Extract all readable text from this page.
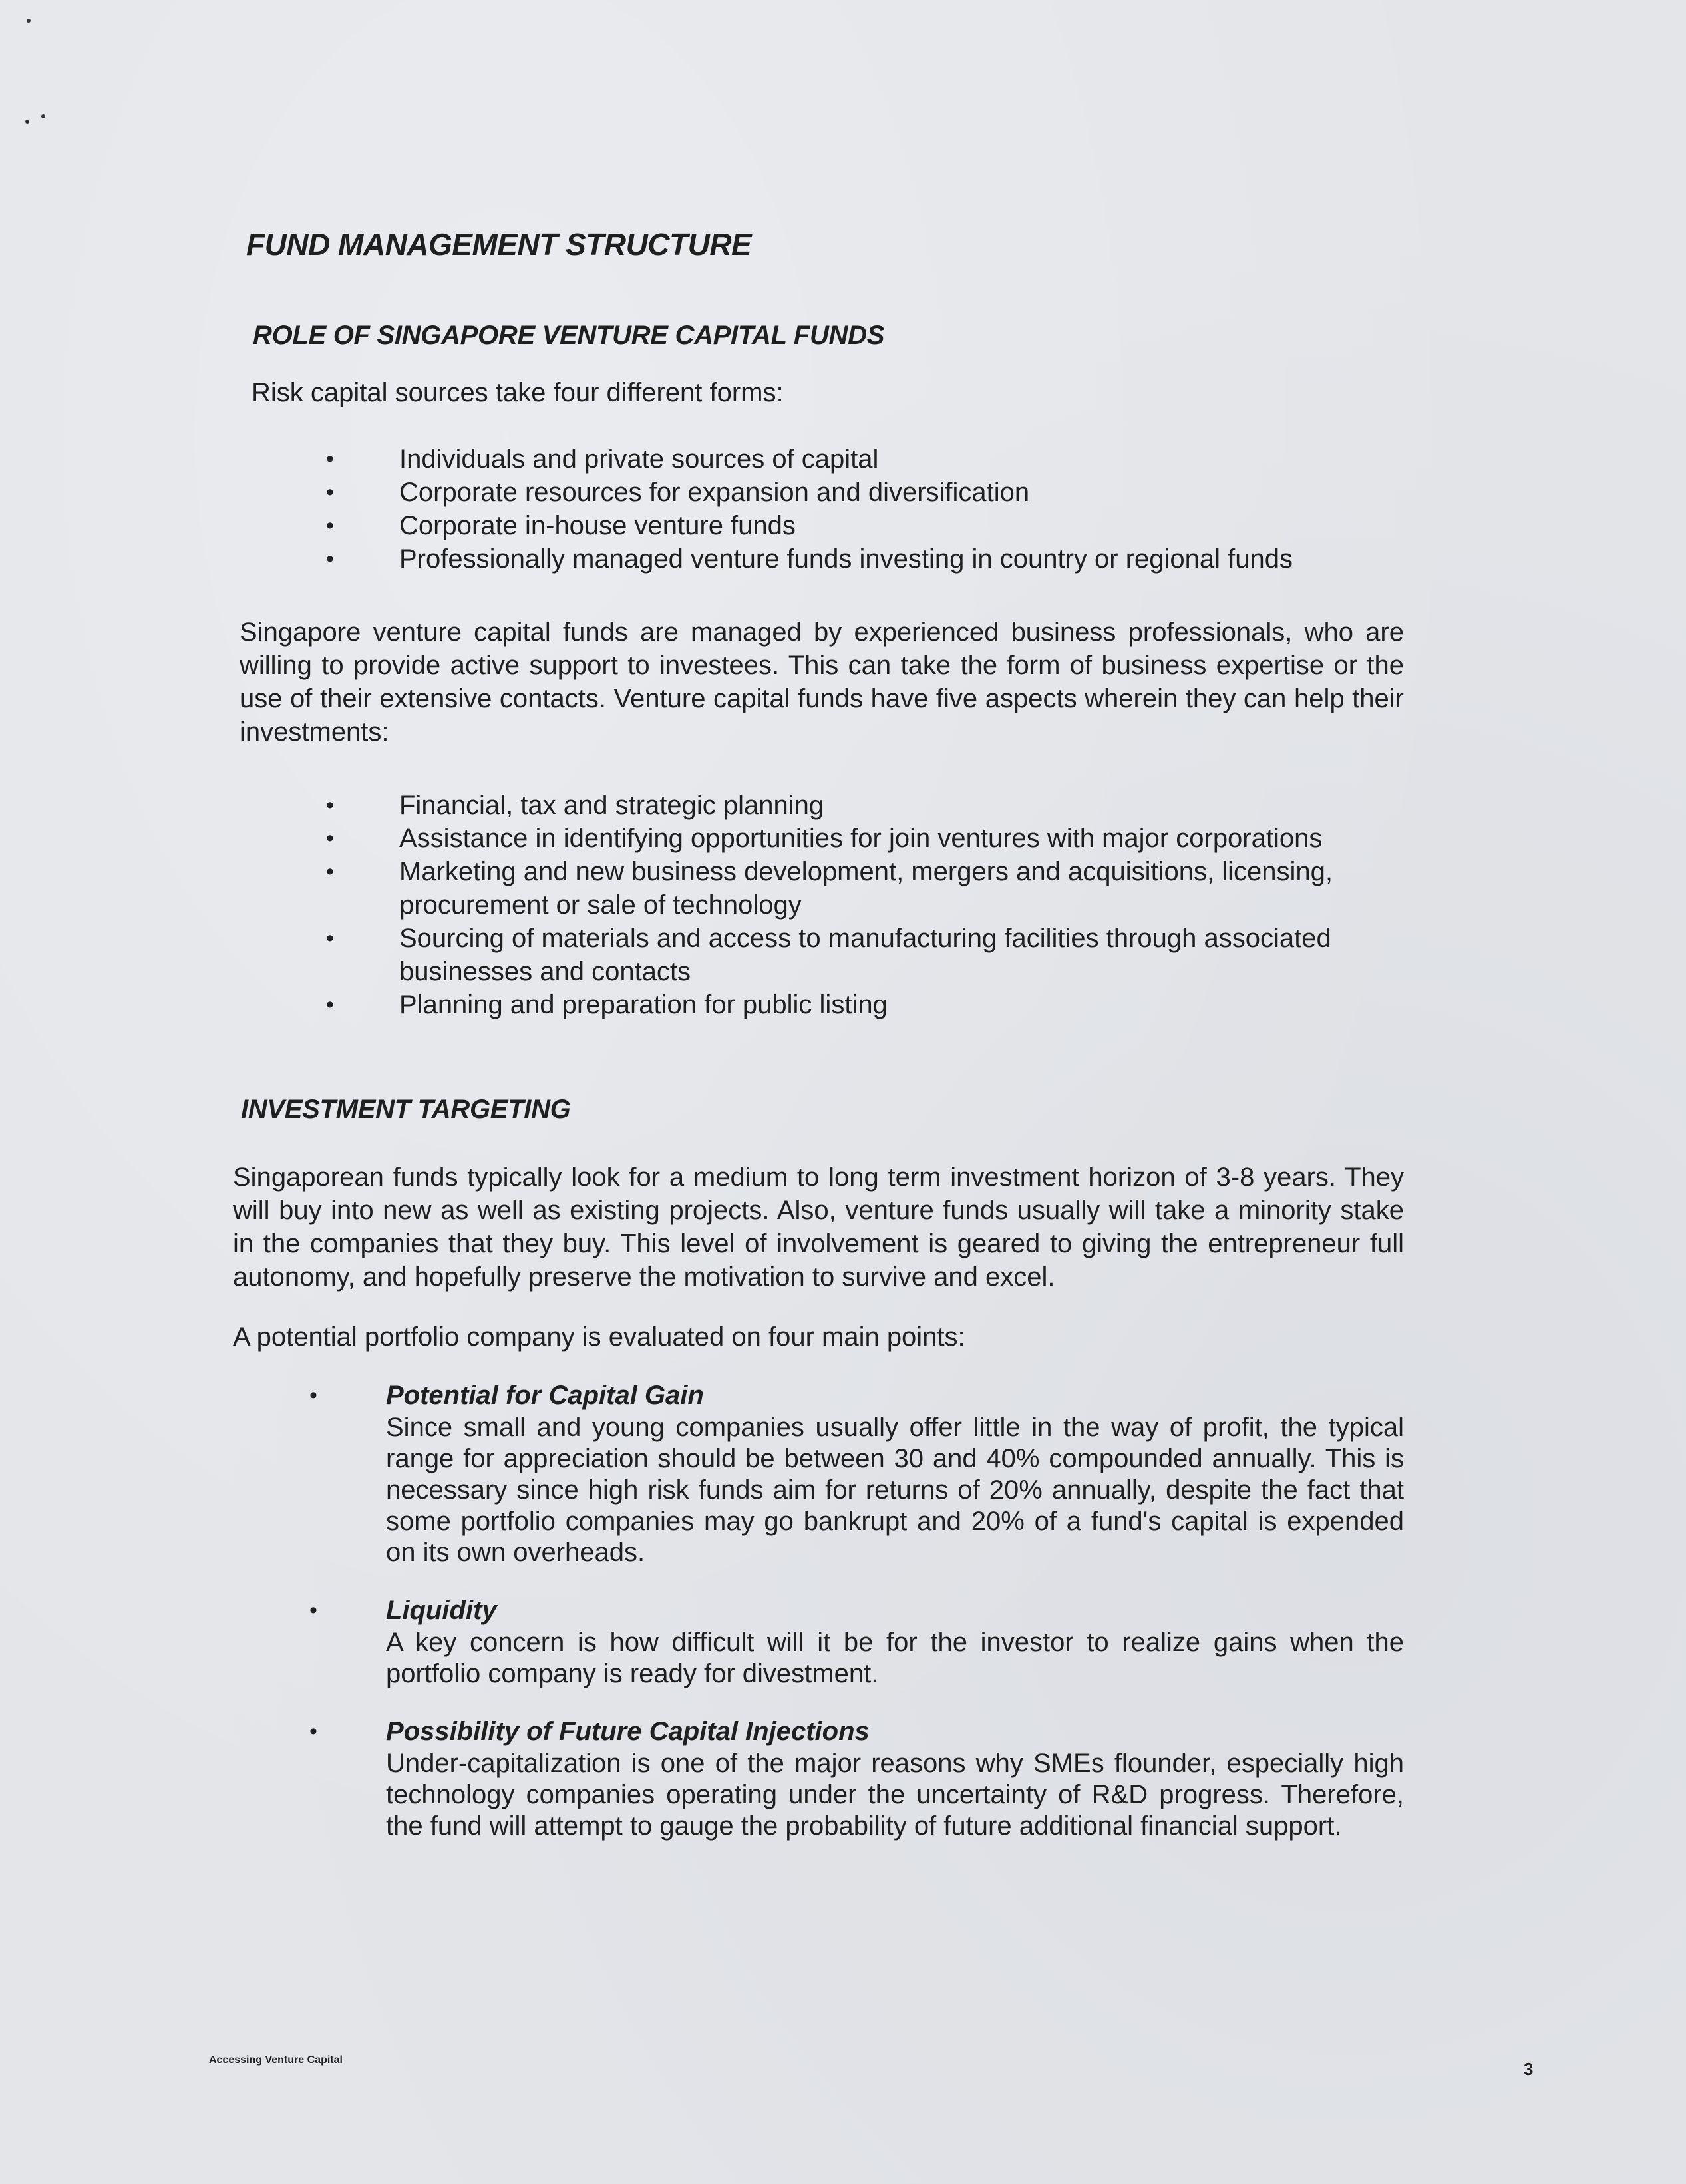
FUND MANAGEMENT STRUCTURE
ROLE OF SINGAPORE VENTURE CAPITAL FUNDS
Risk capital sources take four different forms:
• Individuals and private sources of capital
• Corporate resources for expansion and diversification
• Corporate in-house venture funds
• Professionally managed venture funds investing in country or regional funds
Singapore venture capital funds are managed by experienced business professionals, who are willing to provide active support to investees. This can take the form of business expertise or the use of their extensive contacts. Venture capital funds have five aspects wherein they can help their investments:
• Financial, tax and strategic planning
• Assistance in identifying opportunities for join ventures with major corporations
• Marketing and new business development, mergers and acquisitions, licensing, procurement or sale of technology
• Sourcing of materials and access to manufacturing facilities through associated businesses and contacts
• Planning and preparation for public listing
INVESTMENT TARGETING
Singaporean funds typically look for a medium to long term investment horizon of 3-8 years. They will buy into new as well as existing projects. Also, venture funds usually will take a minority stake in the companies that they buy. This level of involvement is geared to giving the entrepreneur full autonomy, and hopefully preserve the motivation to survive and excel.
A potential portfolio company is evaluated on four main points:
•	Potential for Capital Gain
Since small and young companies usually offer little in the way of profit, the typical range for appreciation should be between 30 and 40% compounded annually. This is necessary since high risk funds aim for returns of 20% annually, despite the fact that some portfolio companies may go bankrupt and 20% of a fund's capital is expended on its own overheads.
•	Liquidity
A key concern is how difficult will it be for the investor to realize gains when the portfolio company is ready for divestment.
•	Possibility of Future Capital Injections
Under-capitalization is one of the major reasons why SMEs flounder, especially high technology companies operating under the uncertainty of R&D progress. Therefore, the fund will attempt to gauge the probability of future additional financial support.
Accessing Venture Capital	3
